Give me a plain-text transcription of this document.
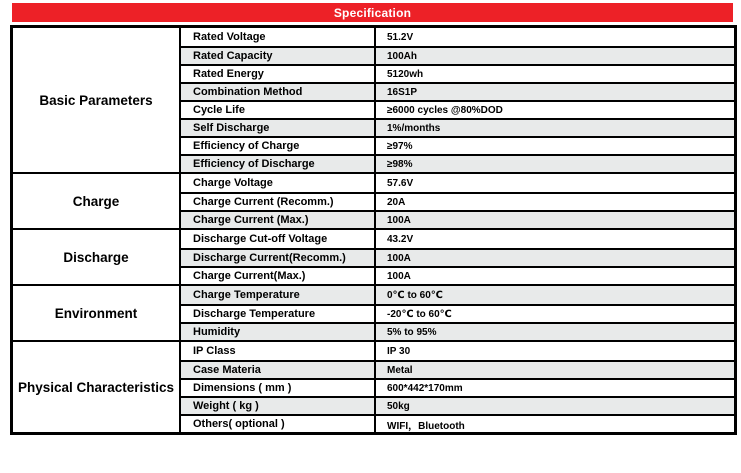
Specification
Basic Parameters
Rated Voltage	51.2V
Rated Capacity	100Ah
Rated Energy	5120wh
Combination Method	16S1P
Cycle Life	≥6000 cycles @80%DOD
Self Discharge	1%/months
Efficiency of Charge	≥97%
Efficiency of Discharge	≥98%
Charge
Charge Voltage	57.6V
Charge Current (Recomm.)	20A
Charge Current (Max.)	100A
Discharge
Discharge Cut-off Voltage	43.2V
Discharge Current(Recomm.)	100A
Charge Current(Max.)	100A
Environment
Charge Temperature	0℃ to 60℃
Discharge Temperature	-20℃ to 60℃
Humidity	5% to 95%
Physical Characteristics
IP Class	IP 30
Case Materia	Metal
Dimensions ( mm )	600*442*170mm
Weight ( kg )	50kg
Others( optional )	WIFI，Bluetooth
